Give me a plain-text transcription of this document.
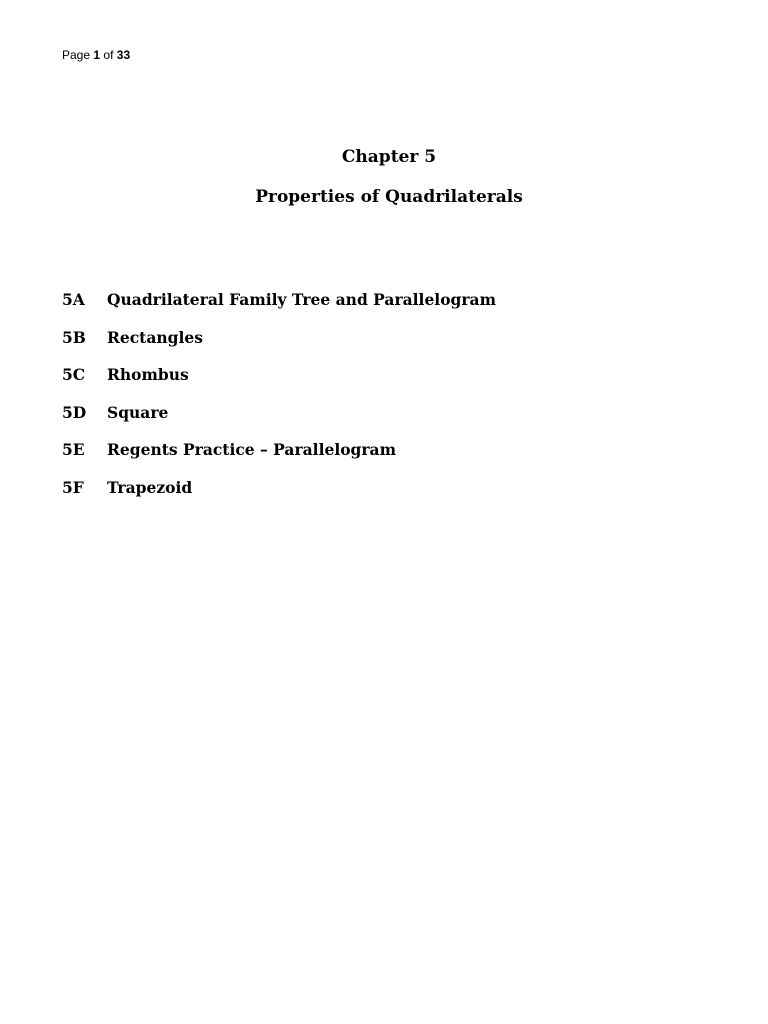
Page 1 of 33
Chapter 5
Properties of Quadrilaterals
5A	Quadrilateral Family Tree and Parallelogram
5B	Rectangles
5C	Rhombus
5D	Square
5E	Regents Practice – Parallelogram
5F	Trapezoid
